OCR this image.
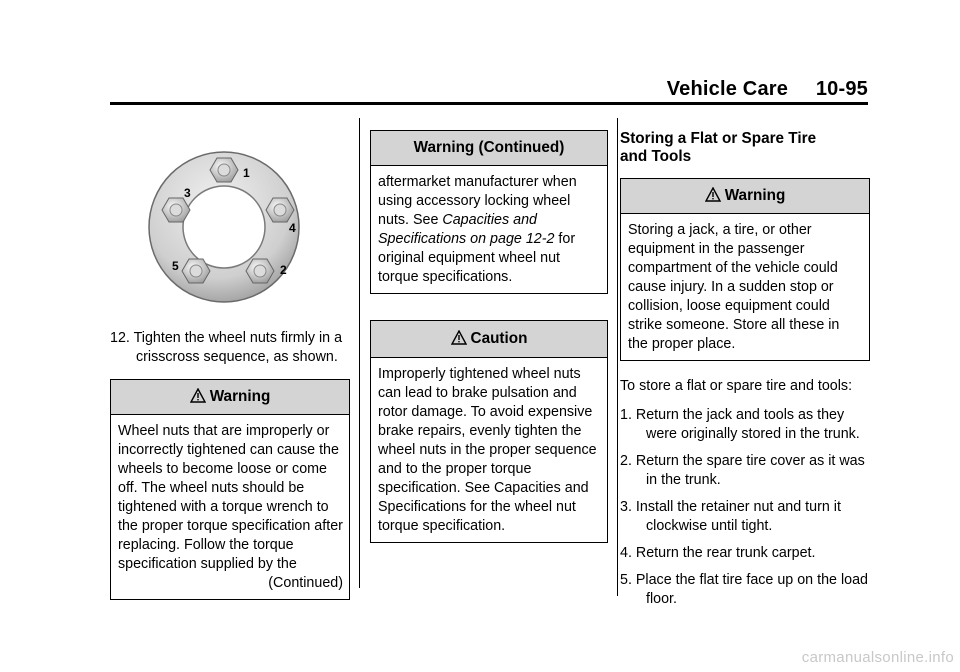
Vehicle Care 10-95
1
2
3
4
5
12. Tighten the wheel nuts firmly in a crisscross sequence, as shown.
Warning
Wheel nuts that are improperly or incorrectly tightened can cause the wheels to become loose or come off. The wheel nuts should be tightened with a torque wrench to the proper torque specification after replacing. Follow the torque specification supplied by the
(Continued)
Warning (Continued)
aftermarket manufacturer when using accessory locking wheel nuts. See Capacities and Specifications on page 12-2 for original equipment wheel nut torque specifications.
Caution
Improperly tightened wheel nuts can lead to brake pulsation and rotor damage. To avoid expensive brake repairs, evenly tighten the wheel nuts in the proper sequence and to the proper torque specification. See Capacities and Specifications for the wheel nut torque specification.
Storing a Flat or Spare Tire and Tools
Warning
Storing a jack, a tire, or other equipment in the passenger compartment of the vehicle could cause injury. In a sudden stop or collision, loose equipment could strike someone. Store all these in the proper place.
To store a flat or spare tire and tools:
1. Return the jack and tools as they were originally stored in the trunk.
2. Return the spare tire cover as it was in the trunk.
3. Install the retainer nut and turn it clockwise until tight.
4. Return the rear trunk carpet.
5. Place the flat tire face up on the load floor.
carmanualsonline.info
